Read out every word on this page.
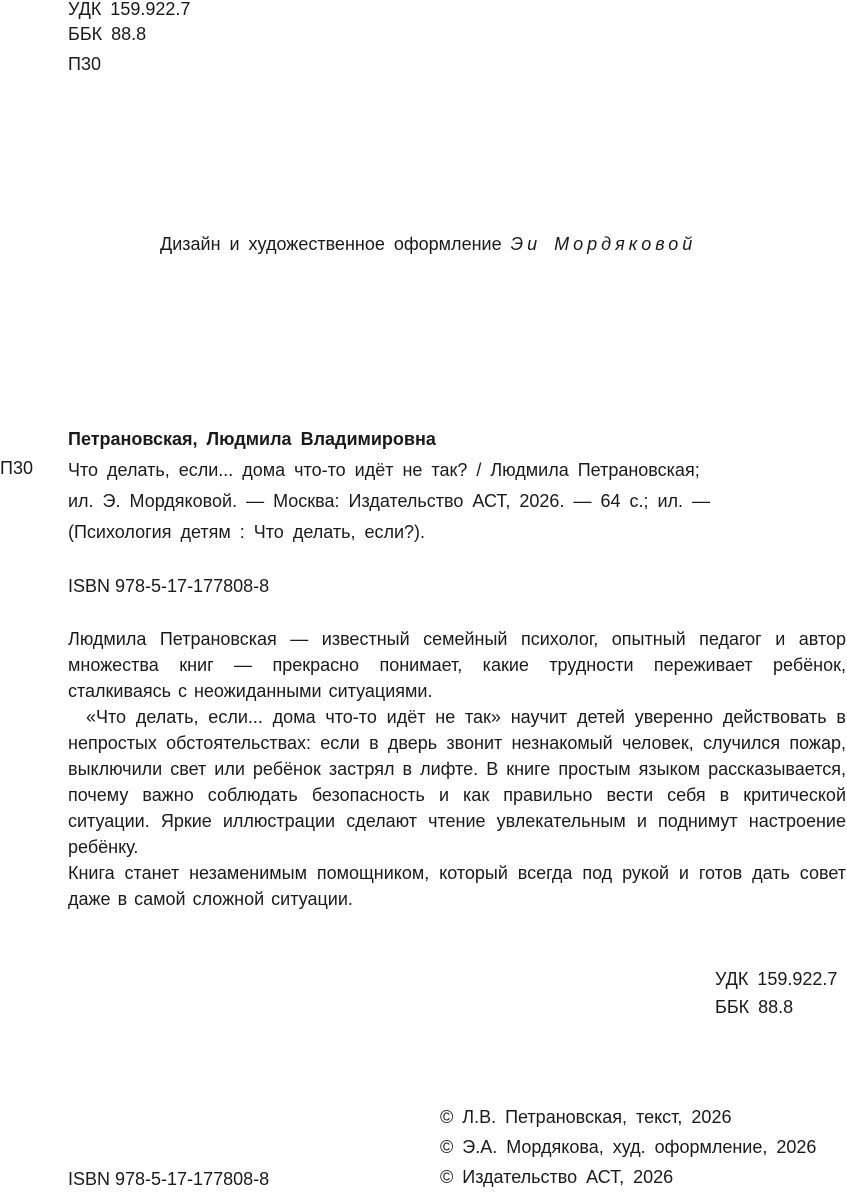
УДК 159.922.7
ББК 88.8
П30
Дизайн и художественное оформление Эи Мордяковой
Петрановская, Людмила Владимировна
П30 Что делать, если... дома что-то идёт не так? / Людмила Петрановская;
ил. Э. Мордяковой. — Москва: Издательство АСТ, 2026. — 64 с.; ил. —
(Психология детям : Что делать, если?).
ISBN 978-5-17-177808-8

Людмила Петрановская — известный семейный психолог, опытный педагог и автор множества книг — прекрасно понимает, какие трудности переживает ребёнок, сталкиваясь с неожиданными ситуациями.

«Что делать, если... дома что-то идёт не так» научит детей уверенно действовать в непростых обстоятельствах: если в дверь звонит незнакомый человек, случился пожар, выключили свет или ребёнок застрял в лифте. В книге простым языком рассказывается, почему важно соблюдать безопасность и как правильно вести себя в критической ситуации. Яркие иллюстрации сделают чтение увлекательным и поднимут настроение ребёнку.

Книга станет незаменимым помощником, который всегда под рукой и готов дать совет даже в самой сложной ситуации.

УДК 159.922.7
ББК 88.8
© Л.В. Петрановская, текст, 2026
© Э.А. Мордякова, худ. оформление, 2026
© Издательство АСТ, 2026
ISBN 978-5-17-177808-8
